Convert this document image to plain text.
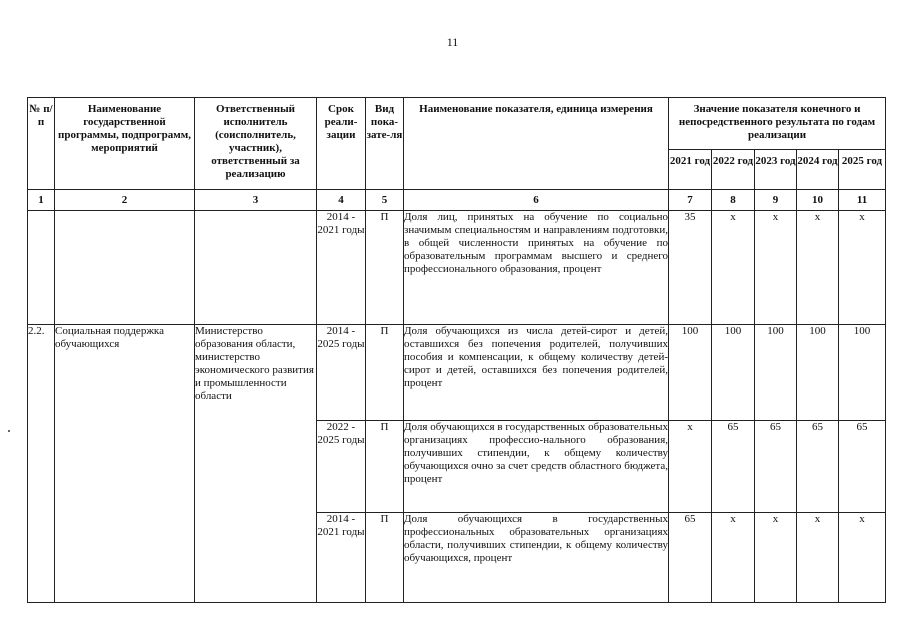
11
№ п/п	Наименование государственной программы, подпрограмм, мероприятий	Ответственный исполнитель (соисполнитель, участник), ответственный за реализацию	Срок реали-зации	Вид пока-зате-ля	Наименование показателя, единица измерения	Значение показателя конечного и непосредственного результата по годам реализации				
						2021 год	2022 год	2023 год	2024 год	2025 год
1	2	3	4	5	6	7	8	9	10	11
			2014 - 2021 годы	П	Доля лиц, принятых на обучение по социально значимым специальностям и направлениям подготовки, в общей численности принятых на обучение по образовательным программам высшего и среднего профессионального образования, процент	35	х	х	х	х
2.2.	Социальная поддержка обучающихся	Министерство образования области, министерство экономического развития и промышленности области	2014 - 2025 годы	П	Доля обучающихся из числа детей-сирот и детей, оставшихся без попечения родителей, получивших пособия и компенсации, к общему количеству детей-сирот и детей, оставшихся без попечения родителей, процент	100	100	100	100	100
			2022 - 2025 годы	П	Доля обучающихся в государственных образовательных организациях профессио-нального образования, получивших стипендии, к общему количеству обучающихся очно за счет средств областного бюджета, процент	х	65	65	65	65
			2014 - 2021 годы	П	Доля обучающихся в государственных профессиональных образовательных организациях области, получивших стипендии, к общему количеству обучающихся, процент	65	х	х	х	х
